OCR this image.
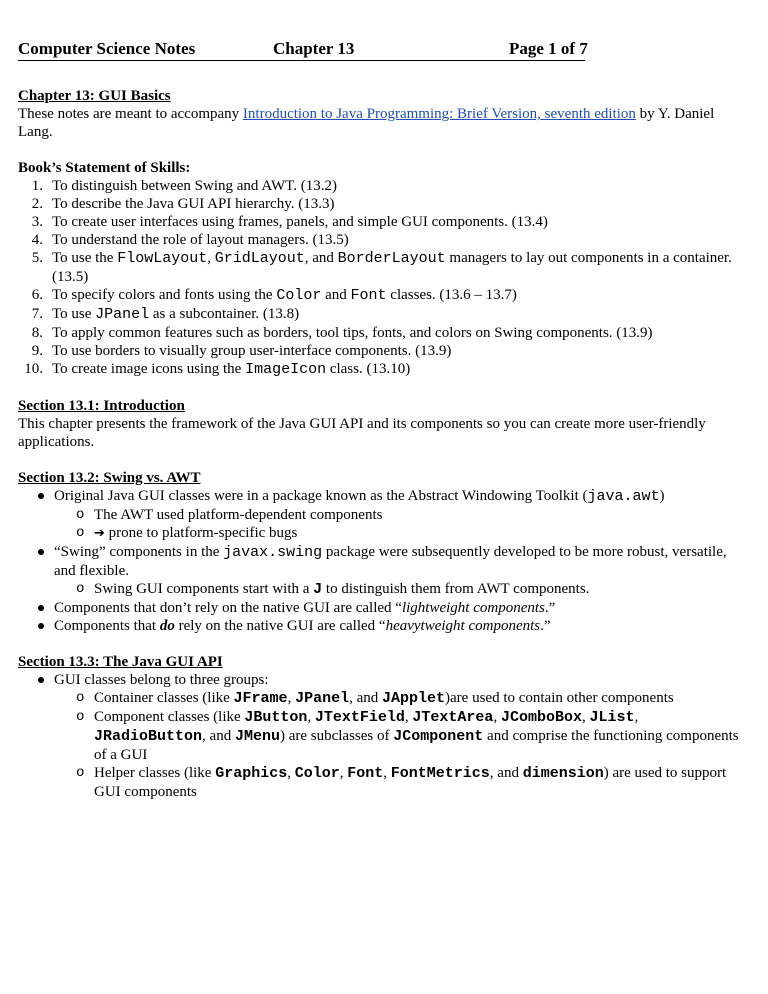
Computer Science Notes	Chapter 13	Page 1 of 7
Chapter 13: GUI Basics
These notes are meant to accompany Introduction to Java Programming: Brief Version, seventh edition by Y. Daniel Lang.
Book’s Statement of Skills:
1. To distinguish between Swing and AWT. (13.2)
2. To describe the Java GUI API hierarchy. (13.3)
3. To create user interfaces using frames, panels, and simple GUI components. (13.4)
4. To understand the role of layout managers. (13.5)
5. To use the FlowLayout, GridLayout, and BorderLayout managers to lay out components in a container. (13.5)
6. To specify colors and fonts using the Color and Font classes. (13.6 – 13.7)
7. To use JPanel as a subcontainer. (13.8)
8. To apply common features such as borders, tool tips, fonts, and colors on Swing components. (13.9)
9. To use borders to visually group user-interface components. (13.9)
10. To create image icons using the ImageIcon class. (13.10)
Section 13.1: Introduction
This chapter presents the framework of the Java GUI API and its components so you can create more user-friendly applications.
Section 13.2: Swing vs. AWT
Original Java GUI classes were in a package known as the Abstract Windowing Toolkit (java.awt)
o The AWT used platform-dependent components
o ➔ prone to platform-specific bugs
“Swing” components in the javax.swing package were subsequently developed to be more robust, versatile, and flexible.
o Swing GUI components start with a J to distinguish them from AWT components.
Components that don’t rely on the native GUI are called “lightweight components.”
Components that do rely on the native GUI are called “heavytweight components.”
Section 13.3: The Java GUI API
GUI classes belong to three groups:
o Container classes (like JFrame, JPanel, and JApplet)are used to contain other components
o Component classes (like JButton, JTextField, JTextArea, JComboBox, JList, JRadioButton, and JMenu) are subclasses of JComponent and comprise the functioning components of a GUI
o Helper classes (like Graphics, Color, Font, FontMetrics, and dimension) are used to support GUI components
